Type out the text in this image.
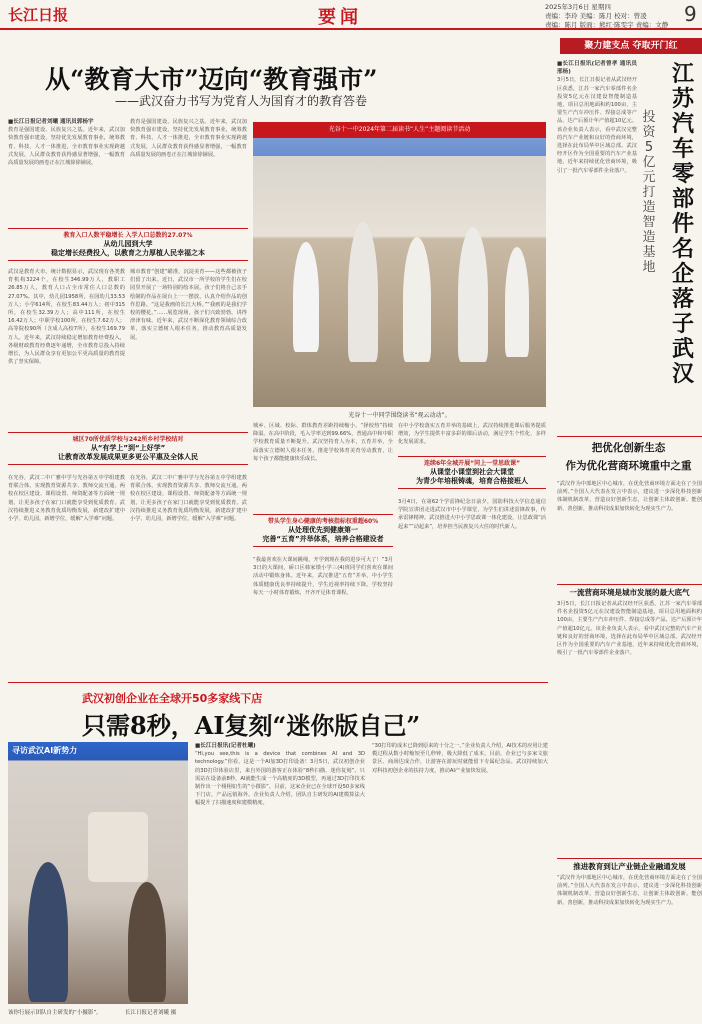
长江日报	要闻	2025年3月6日 星期四
责编：李玲 美编：陈月 校对：曾凌
责编：陈月 版面：熊红·陈雯宇 责编：文静 9
聚力建支点 夺取开门红
从“教育大市”迈向“教育强市”
——武汉奋力书写为党育人为国育才的教育答卷
■长江日报记者刘曦 通讯员郭杨宇
教育是强国建设、民族复兴之基。近年来，武汉加快教育强市建设，坚持优先发展教育事业，统筹教育、科技、人才一体推进，全市教育事业实现跨越式发展，人民群众教育获得感显著增强，一幅教育高质量发展的画卷正在江城徐徐铺展。
教育入口人数平稳增长 入学人口总数的27.07%
从幼儿园到大学
稳定增长经费投入，以教育之力厚植人民幸福之本
武汉是教育大市。统计数据显示，武汉现有各类教育机构3224个，在校生346.99万人，教职工26.85万人，教育人口占全市常住人口总数的27.07%。其中，幼儿园1958所，在园幼儿33.53万人；小学614所，在校生83.44万人；初中315所，在校生32.39万人；高中111所，在校生16.42万人；中职学校100所，在校生7.62万人；高等院校90所（含成人高校7所），在校生169.79万人。近年来，武汉持续稳定增加教育经费投入，各级财政教育经费逐年递增，全市教育总投入持续增长，为人民群众享有更加公平更高质量的教育提供了坚实保障。
教育是强国建设、民族复兴之基。近年来，武汉加快教育强市建设，坚持优先发展教育事业，统筹教育、科技、人才一体推进，全市教育事业实现跨越式发展，人民群众教育获得感显著增强，一幅教育高质量发展的画卷正在江城徐徐铺展。
城市教育“创建”瞄准，沉淀美育——这些都被孩子们留了出来。近日，武汉市一所学校的学生们在校园里开展了一场特别的绘本展。孩子们将自己亲手绘制的作品在展台上一一摆放，认真介绍作品的创作思路。“这是我画的长江大桥。”“我画的是我们学校的樱花。”……展览现场，孩子们兴致勃勃，讲得津津有味。近年来，武汉不断深化教育领域综合改革，落实立德树人根本任务，推动教育高质量发展。
城区70所优质学校与242所乡村学校结对
从“有学上”到“上好学”
让教育改革发展成果更多更公平惠及全体人民
在光谷，武汉二中广雅中学与光谷第五中学组建教育联合体，实现教育资源共享、教师交流互通。两校在校区建设、课程设置、师资配备等方面统一规划，让更多孩子在家门口就能享受到优质教育。武汉持续推进义务教育优质均衡发展，新建改扩建中小学、幼儿园，新增学位，缓解“入学难”问题。
在光谷，武汉二中广雅中学与光谷第五中学组建教育联合体，实现教育资源共享、教师交流互通。两校在校区建设、课程设置、师资配备等方面统一规划，让更多孩子在家门口就能享受到优质教育。武汉持续推进义务教育优质均衡发展，新建改扩建中小学、幼儿园，新增学位，缓解“入学难”问题。
光谷十一中2024年第二届读书“人生”主题阅读节活动
光谷十一中同学围绕读书“观云动动”。
城乡、区域、校际、群体教育差距持续缩小，“择校热”持续降温。在高中阶段，毛入学率达到99.66%，普通高中和中职学校教育质量不断提升。武汉坚持育人为本，五育并举，全面落实立德树人根本任务，推进学校体育美育劳动教育，让每个孩子都能健康快乐成长。
在中小学校落实五育并举的基础上，武汉持续推进课后服务提质增效，为学生提供丰富多彩的课后活动，满足学生个性化、多样化发展需求。
连续6年全城开展“同上一堂思政课”
从课堂小课堂到社会大课堂
为青少年培根铸魂，培育合格接班人
带头学生身心健康的考核指标权重超60%
从处理优先到健康第一
完善“五育”并举体系，培养合格建设者
“我最喜欢在大课间跳绳，开学到现在我的进步可大了！”3月3日的大课间，硚口区韩家墩小学三(4)班同学们喜欢在课间活动中锻炼身体。近年来，武汉推进“五育”并举，中小学生体质健康优良率持续提升，学生近视率持续下降。学校坚持每天一小时体育锻炼，开齐开足体育课程。
3月4日，在第62个学雷锋纪念日前夕，国防科技大学信息通信学院宣讲团走进武汉市中小学课堂，为学生们讲述雷锋故事，传承雷锋精神。武汉推进大中小学思政课一体化建设，让思政课“活起来”“动起来”，培养担当民族复兴大任的时代新人。
■长江日报讯(记者曾孝 通讯员邢杨)
3月5日，长江日报记者从武汉经开区获悉，江苏一家汽车零部件名企投资5亿元在汉建设智能制造基地，项目总用地面积约100亩，主要生产汽车冲压件、焊接总成等产品，达产后预计年产值超10亿元。该企业负责人表示，看中武汉完整的汽车产业链和良好的营商环境，选择在此布局华中区域总部。武汉经开区作为全国重要的汽车产业基地，近年来持续优化营商环境，吸引了一批汽车零部件企业落户。
江苏汽车零部件名企落子武汉
投资5亿元打造智造基地
把优化创新生态
作为优化营商环境重中之重
“武汉作为中部地区中心城市，在优化营商环境方面走在了全国前列。”全国人大代表在发言中表示，建议进一步深化科技创新体制机制改革，营造良好创新生态，让创新主体敢创新、能创新、善创新，推动科技成果加快转化为现实生产力。
一流营商环境是城市发展的最大底气
3月5日，长江日报记者从武汉经开区获悉，江苏一家汽车零部件名企投资5亿元在汉建设智能制造基地，项目总用地面积约100亩，主要生产汽车冲压件、焊接总成等产品，达产后预计年产值超10亿元。该企业负责人表示，看中武汉完整的汽车产业链和良好的营商环境，选择在此布局华中区域总部。武汉经开区作为全国重要的汽车产业基地，近年来持续优化营商环境，吸引了一批汽车零部件企业落户。
推进教育到让产业链企业融通发展
“武汉作为中部地区中心城市，在优化营商环境方面走在了全国前列。”全国人大代表在发言中表示，建议进一步深化科技创新体制机制改革，营造良好创新生态，让创新主体敢创新、能创新、善创新，推动科技成果加快转化为现实生产力。
武汉初创企业在全球开50多家线下店
只需8秒，AI复刻“迷你版自己”
寻访武汉AI新势力
该你行展示团队自主研发的“小摄影”。	长江日报记者刘曦 摄
■长江日报讯(记者杜曦)
“Hi,you see,this is a device that combines AI and 3D technology.”你看，这是一个AI加3D打印设备！3月5日，武汉初创企业的3D打印体验店里，来自外国的游客正在体验“8秒扫描、迷你复刻”。只需站在设备前8秒，AI就能生成一个高精度的3D模型，再通过3D打印技术制作出一个栩栩如生的“小摄影”。目前，这家企业已在全球开设50多家线下门店，产品远销海外。企业负责人介绍，团队自主研发的AI建模算法大幅提升了扫描速度和建模精度。
“30打印的成本已降到原来的十分之一。”企业负责人介绍，AI技术的应用让建模过程从数小时缩短至几秒钟，极大降低了成本。目前，企业已与多家文旅景区、商场达成合作，让游客在游玩时就能留下专属纪念品。武汉持续加大对科技初创企业的扶持力度，推动AI产业加快发展。
